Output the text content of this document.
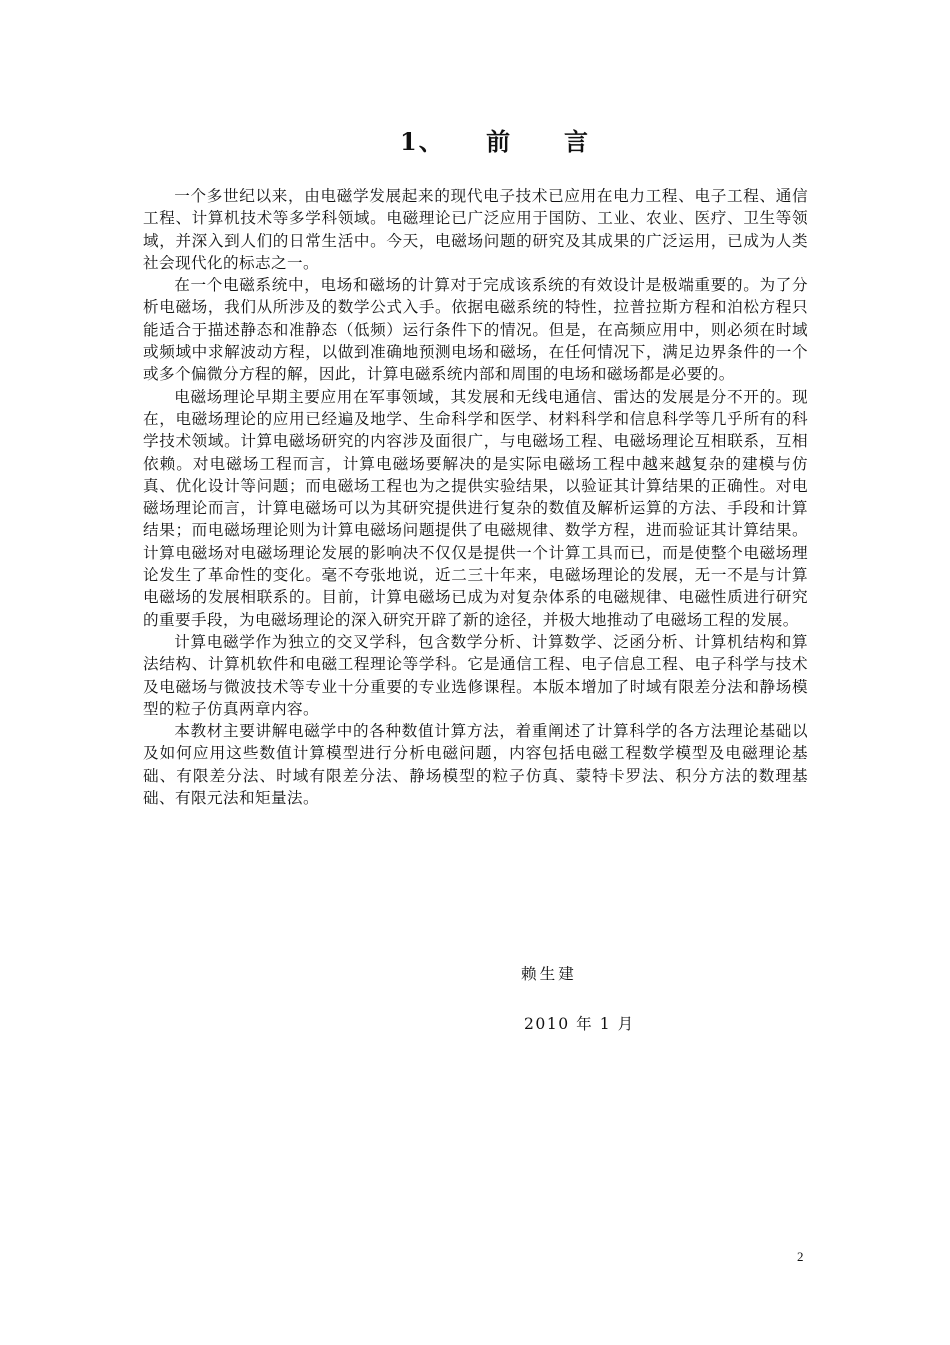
1、    前     言

一个多世纪以来，由电磁学发展起来的现代电子技术已应用在电力工程、电子工程、通信工程、计算机技术等多学科领域。电磁理论已广泛应用于国防、工业、农业、医疗、卫生等领域，并深入到人们的日常生活中。今天，电磁场问题的研究及其成果的广泛运用，已成为人类社会现代化的标志之一。

在一个电磁系统中，电场和磁场的计算对于完成该系统的有效设计是极端重要的。为了分析电磁场，我们从所涉及的数学公式入手。依据电磁系统的特性，拉普拉斯方程和泊松方程只能适合于描述静态和准静态（低频）运行条件下的情况。但是，在高频应用中，则必须在时域或频域中求解波动方程，以做到准确地预测电场和磁场，在任何情况下，满足边界条件的一个或多个偏微分方程的解，因此，计算电磁系统内部和周围的电场和磁场都是必要的。

电磁场理论早期主要应用在军事领域，其发展和无线电通信、雷达的发展是分不开的。现在，电磁场理论的应用已经遍及地学、生命科学和医学、材料科学和信息科学等几乎所有的科学技术领域。计算电磁场研究的内容涉及面很广，与电磁场工程、电磁场理论互相联系，互相依赖。对电磁场工程而言，计算电磁场要解决的是实际电磁场工程中越来越复杂的建模与仿真、优化设计等问题；而电磁场工程也为之提供实验结果，以验证其计算结果的正确性。对电磁场理论而言，计算电磁场可以为其研究提供进行复杂的数值及解析运算的方法、手段和计算结果；而电磁场理论则为计算电磁场问题提供了电磁规律、数学方程，进而验证其计算结果。计算电磁场对电磁场理论发展的影响决不仅仅是提供一个计算工具而已，而是使整个电磁场理论发生了革命性的变化。毫不夸张地说，近二三十年来，电磁场理论的发展，无一不是与计算电磁场的发展相联系的。目前，计算电磁场已成为对复杂体系的电磁规律、电磁性质进行研究的重要手段，为电磁场理论的深入研究开辟了新的途径，并极大地推动了电磁场工程的发展。

计算电磁学作为独立的交叉学科，包含数学分析、计算数学、泛函分析、计算机结构和算法结构、计算机软件和电磁工程理论等学科。它是通信工程、电子信息工程、电子科学与技术及电磁场与微波技术等专业十分重要的专业选修课程。本版本增加了时域有限差分法和静场模型的粒子仿真两章内容。

本教材主要讲解电磁学中的各种数值计算方法，着重阐述了计算科学的各方法理论基础以及如何应用这些数值计算模型进行分析电磁问题，内容包括电磁工程数学模型及电磁理论基础、有限差分法、时域有限差分法、静场模型的粒子仿真、蒙特卡罗法、积分方法的数理基础、有限元法和矩量法。

赖生建
2010 年 1 月
2
